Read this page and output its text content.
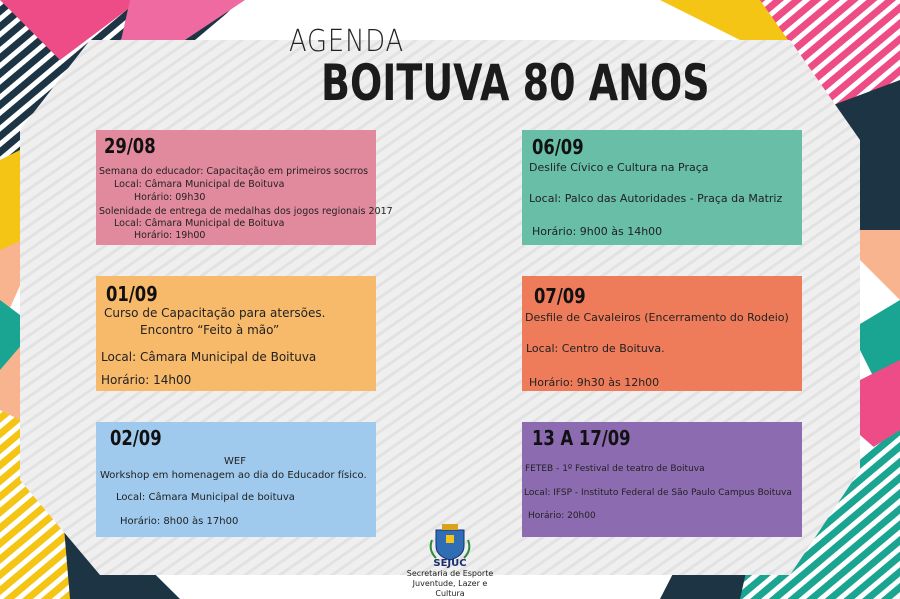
AGENDA
BOITUVA 80 ANOS
29/08
Semana do educador: Capacitação em primeiros socrros
Local: Câmara Municipal de Boituva
Horário: 09h30
Solenidade de entrega de medalhas dos jogos regionais 2017
Local: Câmara Municipal de Boituva
Horário: 19h00
01/09
Curso de Capacitação para atersões.
Encontro “Feito à mão”
Local: Câmara Municipal de Boituva
Horário: 14h00
02/09
WEF
Workshop em homenagem ao dia do Educador físico.
Local: Câmara Municipal de boituva
Horário: 8h00 às 17h00
06/09
Deslife Cívico e Cultura na Praça
Local: Palco das Autoridades - Praça da Matriz
Horário: 9h00 às 14h00
07/09
Desfile de Cavaleiros (Encerramento do Rodeio)
Local: Centro de Boituva.
Horário: 9h30 às 12h00
13 A 17/09
FETEB - 1º Festival de teatro de Boituva
Local: IFSP - Instituto Federal de São Paulo Campus Boituva
Horário: 20h00
SEJUC
Secretaria de Esporte
Juventude, Lazer e Cultura
